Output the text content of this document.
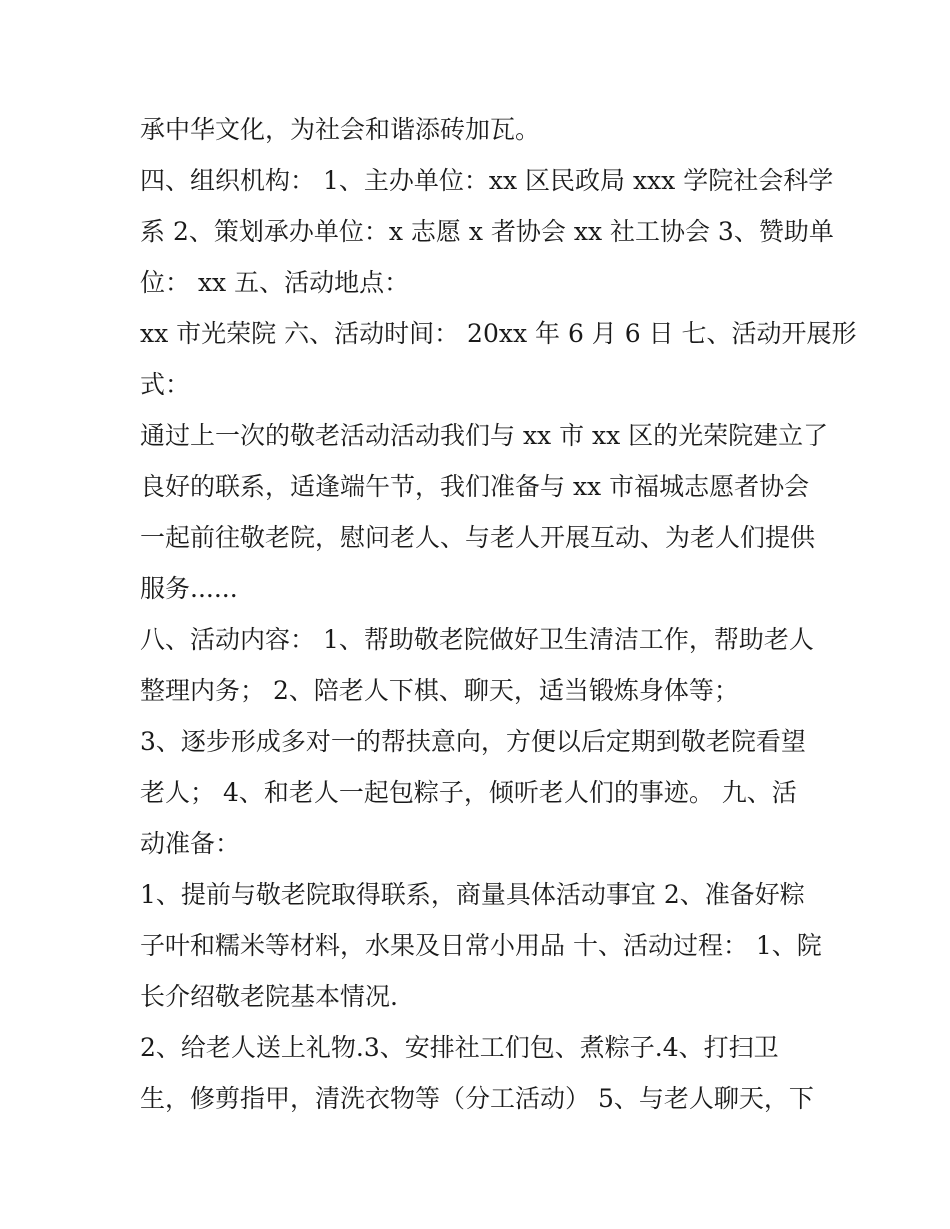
承中华文化，为社会和谐添砖加瓦。
四、组织机构： 1、主办单位：xx 区民政局 xxx 学院社会科学
系 2、策划承办单位：x 志愿 x 者协会 xx 社工协会 3、赞助单
位： xx 五、活动地点：
xx 市光荣院 六、活动时间： 20xx 年 6 月 6 日 七、活动开展形
式：
通过上一次的敬老活动活动我们与 xx 市 xx 区的光荣院建立了
良好的联系，适逢端午节，我们准备与 xx 市福城志愿者协会
一起前往敬老院，慰问老人、与老人开展互动、为老人们提供
服务......
八、活动内容： 1、帮助敬老院做好卫生清洁工作，帮助老人
整理内务； 2、陪老人下棋、聊天，适当锻炼身体等；
3、逐步形成多对一的帮扶意向，方便以后定期到敬老院看望
老人； 4、和老人一起包粽子，倾听老人们的事迹。 九、活
动准备：
1、提前与敬老院取得联系，商量具体活动事宜 2、准备好粽
子叶和糯米等材料，水果及日常小用品 十、活动过程： 1、院
长介绍敬老院基本情况.
2、给老人送上礼物.3、安排社工们包、煮粽子.4、打扫卫
生，修剪指甲，清洗衣物等（分工活动） 5、与老人聊天，下
